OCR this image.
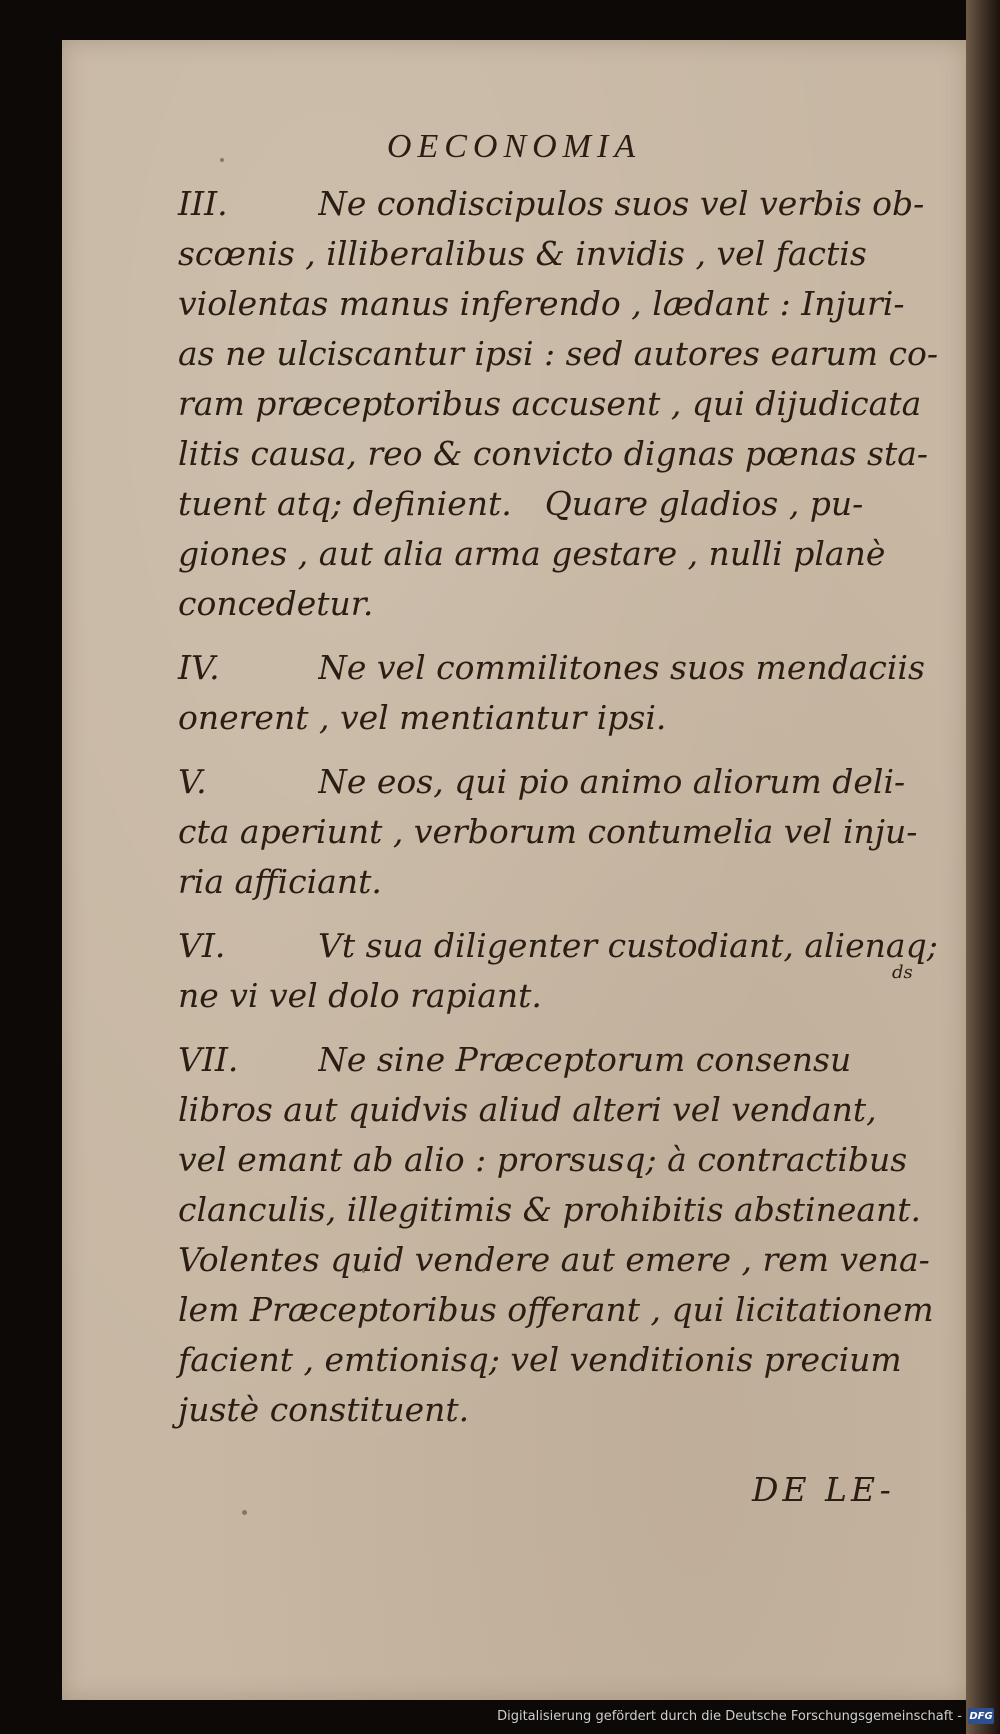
OECONOMIA

III.	Ne condiscipulos suos vel verbis ob-

scœnis , illiberalibus & invidis , vel factis

violentas manus inferendo , lædant : Injuri-

as ne ulciscantur ipsi : sed autores earum co-

ram præceptoribus accusent , qui dijudicata

litis causa, reo & convicto dignas pœnas sta-

tuent atq; definient. Quare gladios , pu-

giones , aut alia arma gestare , nulli planè

concedetur.

IV.	Ne vel commilitones suos mendaciis

onerent , vel mentiantur ipsi.

V.	Ne eos, qui pio animo aliorum deli-

cta aperiunt , verborum contumelia vel inju-

ria afficiant.

VI.	Vt sua diligenter custodiant, alienaq;

ds

ne vi vel dolo rapiant.

VII.	Ne sine Præceptorum consensu

libros aut quidvis aliud alteri vel vendant,

vel emant ab alio : prorsusq; à contractibus

clanculis, illegitimis & prohibitis abstineant.

Volentes quid vendere aut emere , rem vena-

lem Præceptoribus offerant , qui licitationem

facient , emtionisq; vel venditionis precium

justè constituent.

DE LE-
Digitalisierung gefördert durch die Deutsche Forschungsgemeinschaft - DFG
